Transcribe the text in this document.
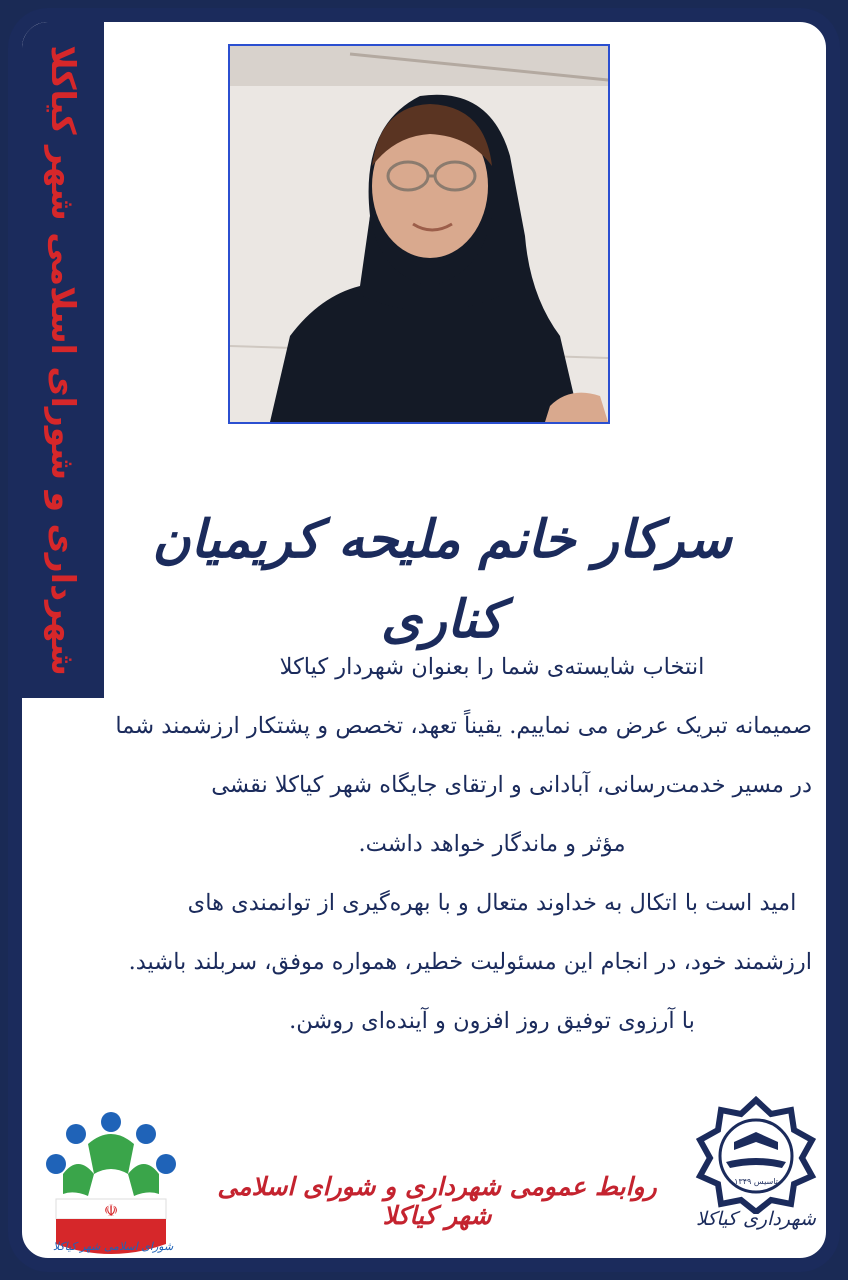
شهرداری و شورای اسلامی شهر کیاکلا	سرکار خانم ملیحه کریمیان کناری

انتخاب شایسته‌ی شما را بعنوان شهردار کیاکلا

صمیمانه تبریک عرض می نماییم. یقیناً تعهد، تخصص و پشتکار ارزشمند شما

در مسیر خدمت‌رسانی، آبادانی و ارتقای جایگاه شهر کیاکلا نقشی

مؤثر و ماندگار خواهد داشت.

امید است با اتکال به خداوند متعال و با بهره‌گیری از توانمندی های

ارزشمند خود، در انجام این مسئولیت خطیر، همواره موفق، سربلند باشید.

با آرزوی توفیق روز افزون و آینده‌ای روشن.

☫
شورای اسلامی شهر کیاکلا
روابط عمومی شهرداری و شورای اسلامی شهر کیاکلا
تاسیس ۱۳۴۹
شهرداری کیاکلا
